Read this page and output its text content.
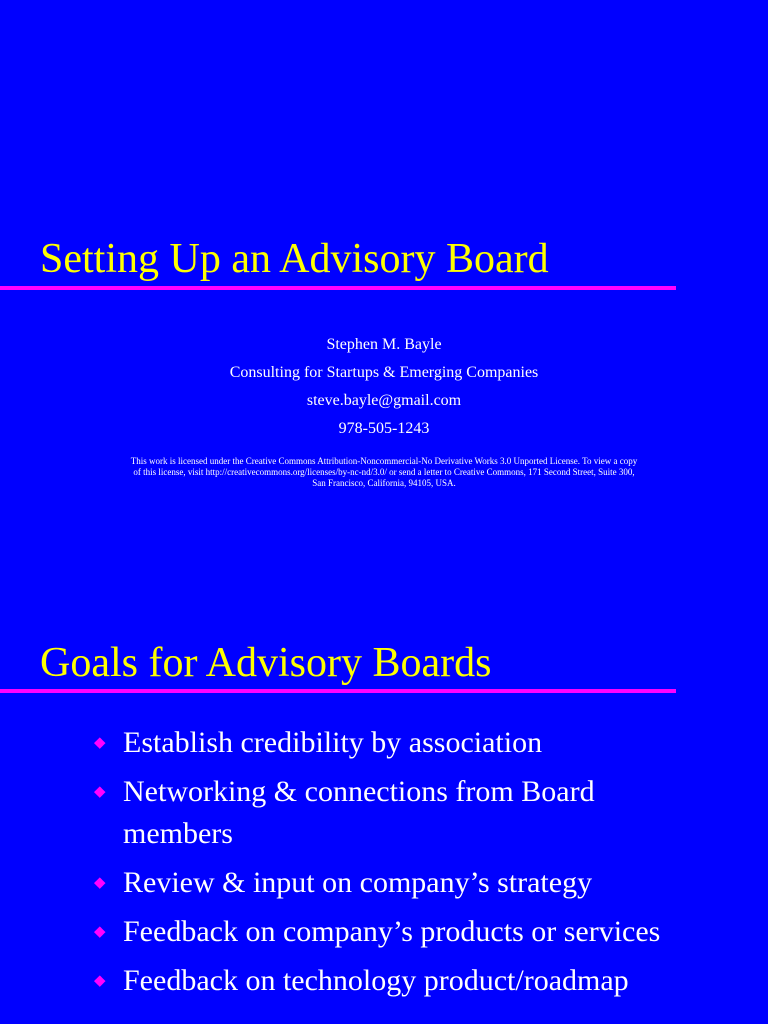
Setting Up an Advisory Board
Stephen M. Bayle
Consulting for Startups & Emerging Companies
steve.bayle@gmail.com
978-505-1243
This work is licensed under the Creative Commons Attribution-Noncommercial-No Derivative Works 3.0 Unported License. To view a copy of this license, visit http://creativecommons.org/licenses/by-nc-nd/3.0/ or send a letter to Creative Commons, 171 Second Street, Suite 300, San Francisco, California, 94105, USA.
Goals for Advisory Boards
◆ Establish credibility by association
◆ Networking & connections from Board members
◆ Review & input on company’s strategy
◆ Feedback on company’s products or services
◆ Feedback on technology product/roadmap
